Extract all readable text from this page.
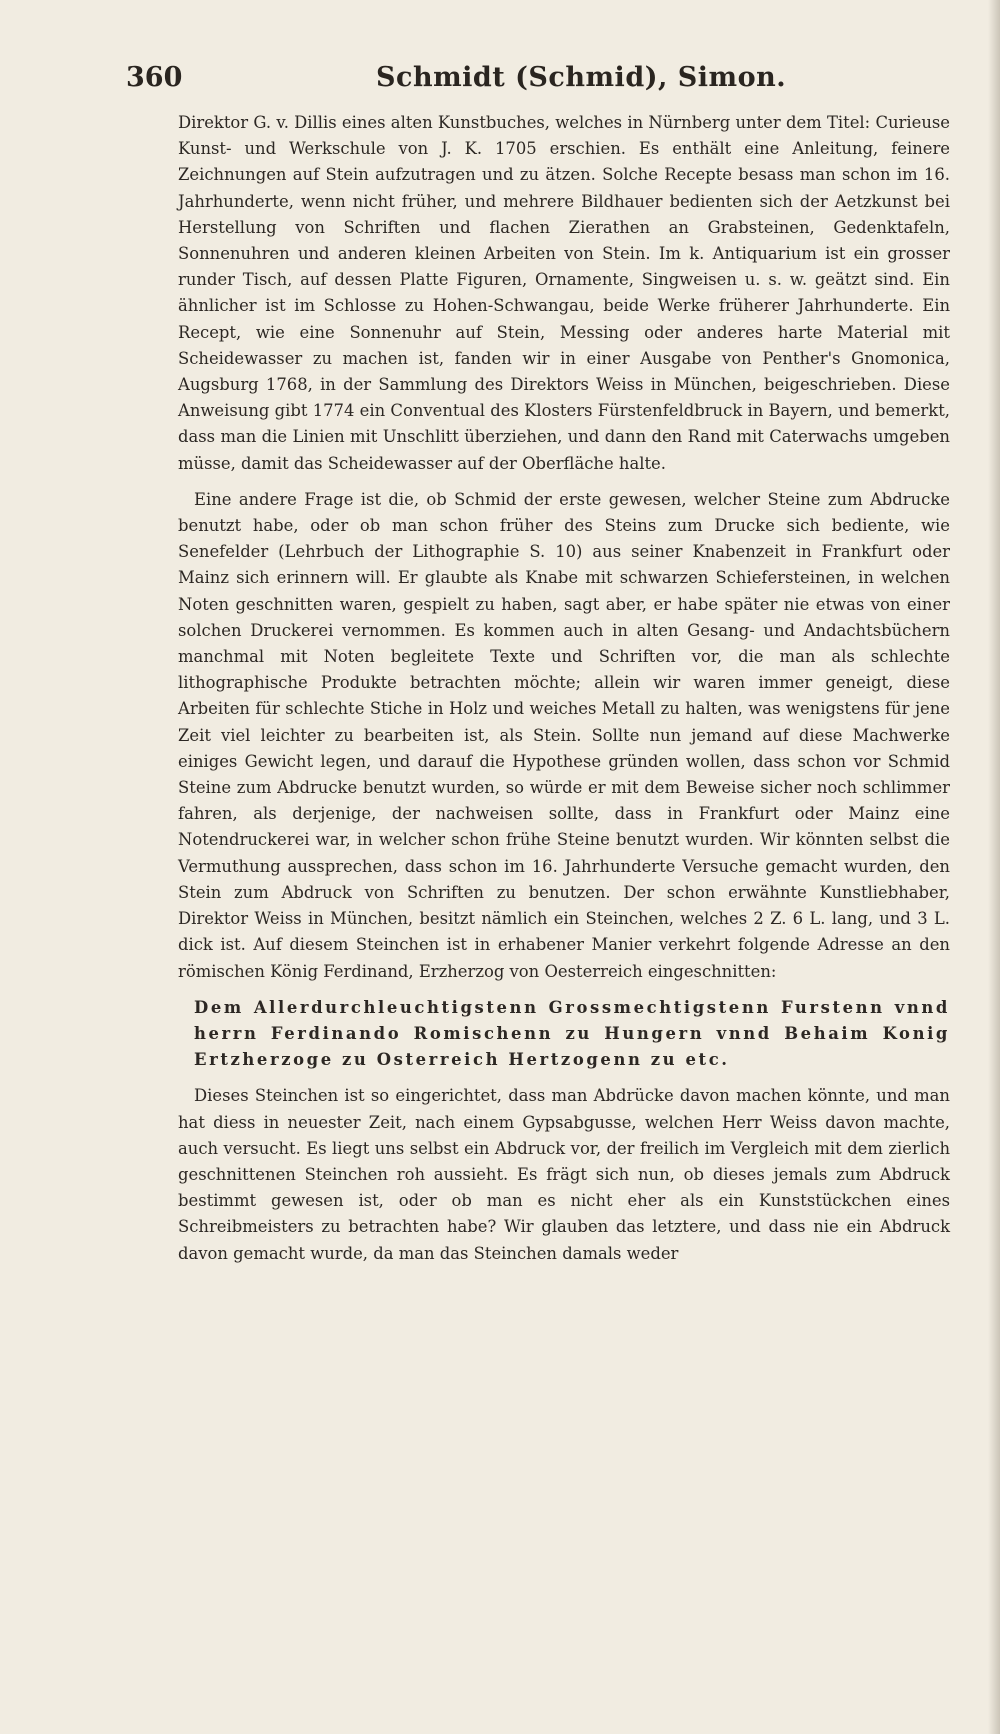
360	Schmidt (Schmid), Simon.

Direktor G. v. Dillis eines alten Kunstbuches, welches in Nürnberg unter dem Titel: Curieuse Kunst- und Werkschule von J. K. 1705 erschien. Es enthält eine Anleitung, feinere Zeichnungen auf Stein aufzutragen und zu ätzen. Solche Recepte besass man schon im 16. Jahrhunderte, wenn nicht früher, und mehrere Bildhauer bedienten sich der Aetzkunst bei Herstellung von Schriften und flachen Zierathen an Grabsteinen, Gedenktafeln, Sonnenuhren und anderen kleinen Arbeiten von Stein. Im k. Antiquarium ist ein grosser runder Tisch, auf dessen Platte Figuren, Ornamente, Singweisen u. s. w. geätzt sind. Ein ähnlicher ist im Schlosse zu Hohen-Schwangau, beide Werke früherer Jahrhunderte. Ein Recept, wie eine Sonnenuhr auf Stein, Messing oder anderes harte Material mit Scheidewasser zu machen ist, fanden wir in einer Ausgabe von Penther's Gnomonica, Augsburg 1768, in der Sammlung des Direktors Weiss in München, beigeschrieben. Diese Anweisung gibt 1774 ein Conventual des Klosters Fürstenfeldbruck in Bayern, und bemerkt, dass man die Linien mit Unschlitt überziehen, und dann den Rand mit Caterwachs umgeben müsse, damit das Scheidewasser auf der Oberfläche halte.

Eine andere Frage ist die, ob Schmid der erste gewesen, welcher Steine zum Abdrucke benutzt habe, oder ob man schon früher des Steins zum Drucke sich bediente, wie Senefelder (Lehrbuch der Lithographie S. 10) aus seiner Knabenzeit in Frankfurt oder Mainz sich erinnern will. Er glaubte als Knabe mit schwarzen Schiefersteinen, in welchen Noten geschnitten waren, gespielt zu haben, sagt aber, er habe später nie etwas von einer solchen Druckerei vernommen. Es kommen auch in alten Gesang- und Andachtsbüchern manchmal mit Noten begleitete Texte und Schriften vor, die man als schlechte lithographische Produkte betrachten möchte; allein wir waren immer geneigt, diese Arbeiten für schlechte Stiche in Holz und weiches Metall zu halten, was wenigstens für jene Zeit viel leichter zu bearbeiten ist, als Stein. Sollte nun jemand auf diese Machwerke einiges Gewicht legen, und darauf die Hypothese gründen wollen, dass schon vor Schmid Steine zum Abdrucke benutzt wurden, so würde er mit dem Beweise sicher noch schlimmer fahren, als derjenige, der nachweisen sollte, dass in Frankfurt oder Mainz eine Notendruckerei war, in welcher schon frühe Steine benutzt wurden. Wir könnten selbst die Vermuthung aussprechen, dass schon im 16. Jahrhunderte Versuche gemacht wurden, den Stein zum Abdruck von Schriften zu benutzen. Der schon erwähnte Kunstliebhaber, Direktor Weiss in München, besitzt nämlich ein Steinchen, welches 2 Z. 6 L. lang, und 3 L. dick ist. Auf diesem Steinchen ist in erhabener Manier verkehrt folgende Adresse an den römischen König Ferdinand, Erzherzog von Oesterreich eingeschnitten:

Dem Allerdurchleuchtigstenn Grossmechtigstenn Furstenn vnnd herrn Ferdinando Romischenn zu Hungern vnnd Behaim Konig Ertzherzoge zu Osterreich Hertzogenn zu etc.

Dieses Steinchen ist so eingerichtet, dass man Abdrücke davon machen könnte, und man hat diess in neuester Zeit, nach einem Gypsabgusse, welchen Herr Weiss davon machte, auch versucht. Es liegt uns selbst ein Abdruck vor, der freilich im Vergleich mit dem zierlich geschnittenen Steinchen roh aussieht. Es frägt sich nun, ob dieses jemals zum Abdruck bestimmt gewesen ist, oder ob man es nicht eher als ein Kunststückchen eines Schreibmeisters zu betrachten habe? Wir glauben das letztere, und dass nie ein Abdruck davon gemacht wurde, da man das Steinchen damals weder
